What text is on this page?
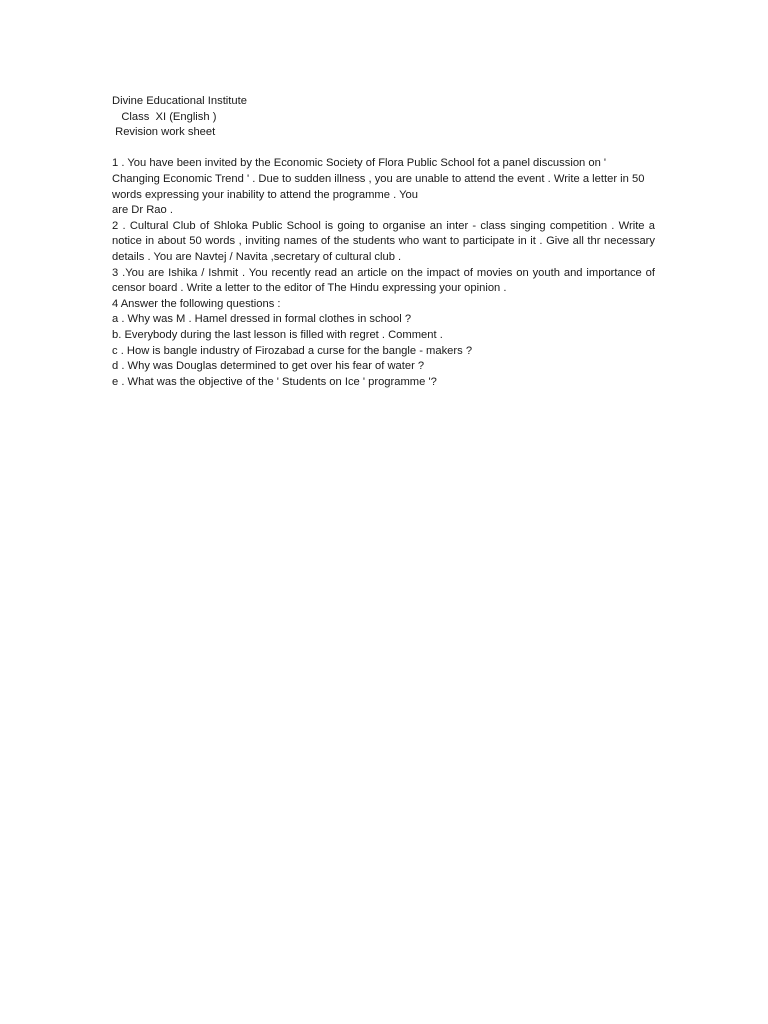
Divine Educational Institute
Class  XI (English )
Revision work sheet

1 . You have been invited by the Economic Society of Flora Public School fot a panel discussion on ' Changing Economic Trend ' . Due to sudden illness , you are unable to attend the event . Write a letter in 50 words expressing your inability to attend the programme . You

are Dr Rao .

2 . Cultural Club of Shloka Public School is going to organise an inter - class singing competition . Write a notice in about 50 words , inviting names of the students who want to participate in it . Give all thr necessary details . You are Navtej / Navita ,secretary of cultural club .

3 .You are Ishika / Ishmit . You recently read an article on the impact of movies on youth and importance of censor board . Write a letter to the editor of The Hindu expressing your opinion .

4 Answer the following questions :

a . Why was M . Hamel dressed in formal clothes in school ?

b. Everybody during the last lesson is filled with regret . Comment .

c . How is bangle industry of Firozabad a curse for the bangle - makers ?

d . Why was Douglas determined to get over his fear of water ?

e . What was the objective of the ' Students on Ice ' programme '?
